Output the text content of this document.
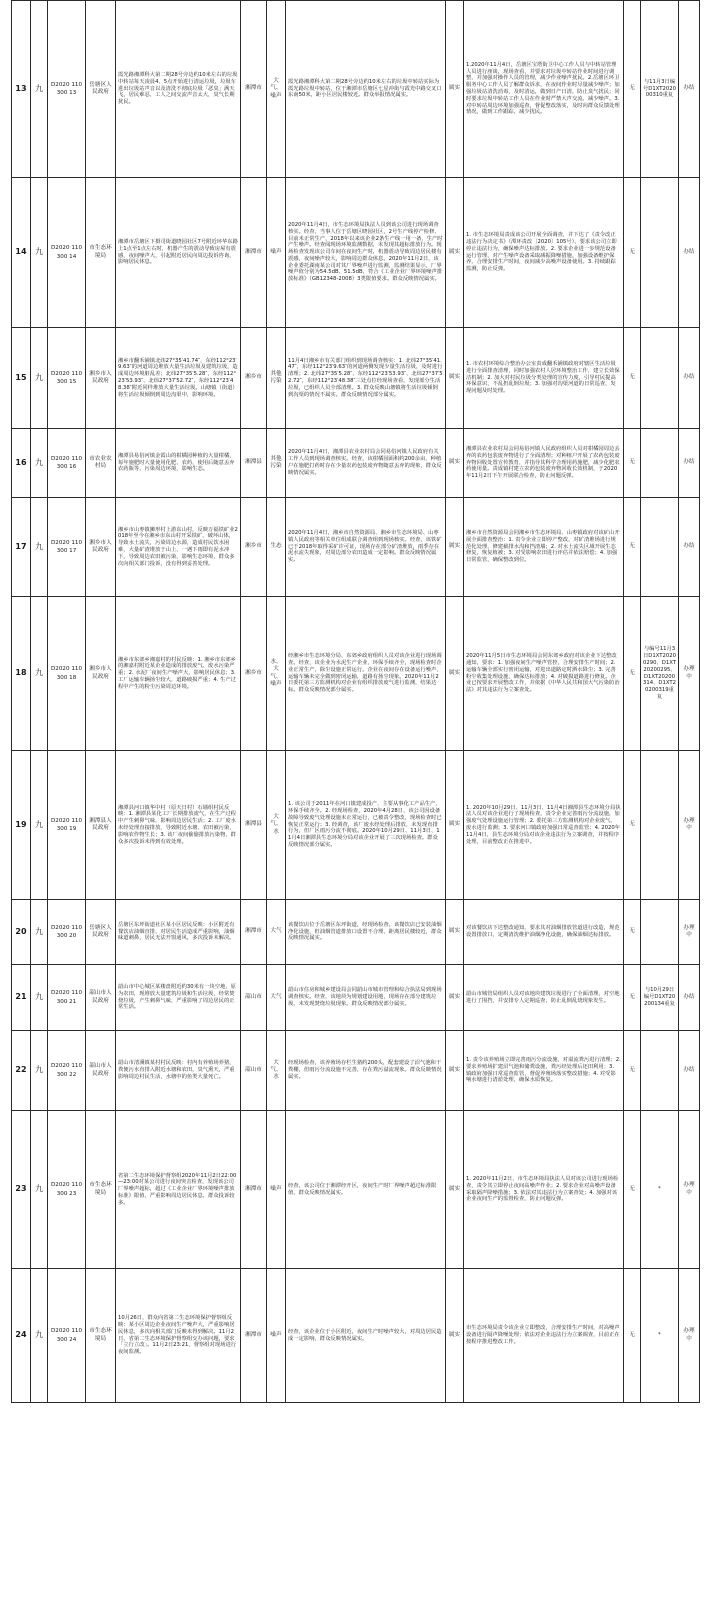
13	九	D2020 110300 13	岳塘区人民政府	霞光路湘潭科大第二期28号旁边约10米左右的垃圾中转站每天凌晨4、5点开始进行清运垃圾，垃圾车进出垃圾站声音以及清洗不彻底垃圾「恶臭」满天飞，居民难忍，工人之间交流声音太大，臭气长期扰民。	湘潭市	大气、噪声	霞光路湘潭科大第二期28号旁边约10米左右的垃圾中转站实际为霞光路垃圾中转站，位于湘潭市岳塘区七星冲街与霞光中路交叉口东南50米，距小区居民楼较近。群众举报情况属实。	属实	1.2020年11月4日，岳塘区宝塔街卫中心工作人员与中转站管理人员进行座谈，现场查看，并要求对垃圾中转站作业时间进行调整，并加强对操作人员的管理，减少作业噪声扰民。2.岳塘区环卫服务中心工作人员了解群众诉求，在夜间作业时尽量减少噪声；加强垃圾站清洗消毒，及时清运，做到日产日清，防止臭气扰民；同时要求垃圾中转站工作人员在作业时严禁大声交流，减少噪声。3.对中转站周边环境加强巡查，督促整改落实，及时向群众反馈处理情况，做到工作跟踪，减少扰民。	无	与11月3日编号D1XT202000310重复	办结
14	九	D2020 110300 14	市生态环境局	湘潭市岳塘区下摄司街道晓园社区7号附近环华东路上1点至1点左右时，机器产生的震动导致房屋有震感，夜间噪声大，引起附近居民向周边投诉咨询，影响居民休息。	湘潭市	噪声	2020年11月4日，市生态环境局执法人员到该公司进行现场调查核实。经查，当事人位于岳塘区晓园社区，2号生产线停产检修，目前未正常生产，2018年以来该企业2条生产线一用一备，生产时产生噪声。经查阅现场环境监测数据，未发现其超标排放行为。现场检查发现该公司车间在夜间生产时，机器震动导致周边居民楼有震感，夜间噪声较大，影响周边群众休息。2020年11月2日，该企业委托湖南某公司对其厂界噪声进行监测，监测结果显示，厂界噪声值分别为54.5dB、51.5dB，符合《工业企业厂界环境噪声排放标准》（GB12348-2008）3类限值要求。群众反映情况属实。	属实	1. 市生态环境局责成该公司开展全面调查，并下达了《责令改正违法行为决定书》（潭环责改〔2020〕105号），要求该公司立即停止违法行为，确保噪声达标排放。2. 要求企业进一步规范设备运行管理，对产生噪声设备采取减振降噪措施，加强设备维护保养，合理安排生产时间，夜间减少高噪声设备使用。3. 持续跟踪监测，防止反弹。	无		办结
15	九	D2020 110300 15	湘乡市人民政府	湘乡市翻禾铺镇北纬27°35′41.74″，东经112°23′9.63″的河道周边堆放大量生活垃圾及建筑垃圾，造成周边环境脏乱差；北纬27°35′5.28″，东经112°23′53.93″、北纬27°37′52.72″，东经112°23′48.38″附近同样堆放大量生活垃圾。山塘镇（街道）将生活垃圾倾倒到周边沟渠中，影响环境。	湘乡市	其他污染	11月4日湘乡市有关部门组织到现场调查核实：1. 北纬27°35′41.47″，东经112°23′9.63″的河道两侧发现少量生活垃圾，及时进行清理；2. 北纬27°35′5.28″、东经112°23′53.93″、北纬27°37′52.72″，东经112°23′48.38″三处点位经现场查看，发现部分生活垃圾，已组织人员全部清理。3. 群众反映山塘镇将生活垃圾倾倒到沟渠的情况不属实。群众反映情况部分属实。	属实	1. 市农村环境综合整治办公室责成翻禾铺镇政府对辖区生活垃圾进行全面排查清理，同时加强农村人居环境整治工作，建立长效保洁机制；2. 加大对村民垃圾分类处理的宣传力度，引导村民提高环保意识，不乱扔乱倒垃圾；3. 加强对沟渠河道的日常巡查，发现问题及时处理。	无		办结
16	九	D2020 110300 16	市农业农村局	湘潭县易俗河镇金霞山的柑橘园种植的大量柑橘，每年施肥时大量使用化肥、农药，使用后随意丢弃农药瓶等，污染周边环境，影响生态。	湘潭县	其他污染	2020年11月4日，湘潭县农业农村局会同易俗河镇人民政府有关工作人员到现场调查核实。经查，该柑橘园面积约200余亩，种植户在施肥打药时存在少量农药包装废弃物随意丢弃的现象，群众反映情况属实。	属实	湘潭县农业农村局会同易俗河镇人民政府组织人员对柑橘园周边丢弃的农药包装废弃物进行了全面清理；对种植户开展了农药包装废弃物回收处置宣传教育，并指导其科学合理用药施肥，减少化肥农药使用量。责成镇村建立农药包装废弃物回收长效机制，于2020年11月2日下午开展联合检查，防止问题反弹。	无		办结
17	九	D2020 110300 17	湘乡市人民政府	湘乡市山枣镇狮形村上游东山村，反映万福铁矿业2018年至今在湘乡市东山村开采铁矿，破坏山体，导致水土流失，污染周边水源，造成村民饮水困难，大量矿渣堆放于山上，一遇下雨即有泥水冲下，导致周边农田被污染，影响生态环境，群众多次向相关部门投诉，没有得到妥善处理。	湘乡市	生态	2020年11月4日，湘乡市自然资源局、湘乡市生态环境局、山枣镇人民政府等相关单位组成联合调查组到现场核实。经查，该铁矿已于2018年取得采矿许可证，现场存在部分矿渣堆放，雨季存在泥水流失现象，对周边部分农田造成一定影响。群众反映情况属实。	属实	湘乡市自然资源局会同湘乡市生态环境局、山枣镇政府对该矿山开展全面排查整治：1. 责令企业立即停产整改，对矿渣堆场进行规范化处理，修建截排水沟和挡渣墙；2. 对水土流失区域开展生态修复，恢复植被；3. 对受影响农田进行评估并依法赔偿；4. 加强日常监管，确保整改到位。	无		办结
18	九	D2020 110300 18	湘乡市人民政府	湘乡市东郊乡湘嘉村的村民反映：1. 湘乡市东郊乡的湘嘉村附近某企业造成的排放废气、废水污染严重；2. 水泥厂夜间生产噪声大，影响居民休息；3. 工厂运输车辆扬尘较大，道路破损严重；4. 生产过程中产生的粉尘污染周边环境。	湘乡市	水、大气、噪声	经湘乡市生态环境分局、东郊乡政府组织人员对该企业进行现场调查。经查，该企业为水泥生产企业，环保手续齐全，现场检查时企业正常生产，除尘设施正常运行。企业在夜间存在设备运行噪声，运输车辆未完全做到密闭运输，道路有扬尘现象。2020年11月2日委托第三方监测机构对企业有组织排放废气进行监测，结果达标。群众反映情况部分属实。	属实	2020年11月5日市生态环境局会同东郊乡政府对该企业下达整改通知，要求：1. 加强夜间生产噪声管控，合理安排生产时间；2. 运输车辆全部实行密闭运输，对进出道路定时洒水降尘；3. 完善粉尘收集处理设施，确保达标排放；4. 对破损道路进行修复。企业已按要求开展整改工作，并依据《中华人民共和国大气污染防治法》对其违法行为立案查处。	无	与编号11月3日D1XT20200290、D1XT20200295、D1XT20200314、D1XT20200319重复	办理中
19	九	D2020 110300 19	湘潭县人民政府	湘潭县河口镇华中村（原天日村）石墙组村民反映：1. 湘潭县某化工厂长期排放废气，在生产过程中产生刺鼻气味，影响周边居民生活；2. 工厂废水未经处理直接排放，导致附近水塘、农田被污染，影响农作物生长；3. 该厂夜间偷偷排放污染物，群众多次投诉未得到有效处理。	湘潭县	大气、水	1. 该公司于2011年在河口镇建成投产，主要从事化工产品生产，环保手续齐全。2. 经现场检查，2020年4月28日，该公司因设备故障导致废气处理设施未正常运行，已被责令整改，现场检查时已恢复正常运行；3. 经调查，该厂废水经处理后排放，未发现直排行为，但厂区雨污分流不彻底。2020年10月29日、11月3日、11月4日湘潭县生态环境分局对该企业开展了三次现场检查。群众反映情况部分属实。	属实	1. 2020年10月29日、11月3日、11月4日湘潭县生态环境分局执法人员对该企业进行了现场检查，责令企业完善雨污分流设施，加强废气处理设施运行管理；2. 委托第三方监测机构对企业废气、废水进行监测；3. 要求河口镇政府加强日常巡查监管；4. 2020年11月4日，县生态环境分局对该企业违法行为立案调查，并按程序处理，目前整改正在推进中。	无		办理中
20	九	D2020 110300 20	岳塘区人民政府	岳塘区东坪街道社区某小区居民反映：小区附近有餐饮店油烟直排，对居民生活造成严重影响，油烟味道刺鼻，居民无法开窗通风，多次投诉未解决。	湘潭市	大气	该餐饮店位于岳塘区东坪街道，经现场检查，该餐饮店已安装油烟净化设施，但油烟管道排放口设置不合理，距离居民楼较近，群众反映情况属实。	属实	对该餐饮店下达整改通知，要求其对油烟排放管道进行改造，规范设置排放口，定期清洗维护油烟净化设施，确保油烟达标排放。	无		办理中
21	九	D2020 110300 21	韶山市人民政府	韶山市中心城区某楼盘附近约30米有一块空地，原为农田，现堆放大量建筑垃圾和生活垃圾，经常焚烧垃圾，产生刺鼻气味，严重影响了周边居民的正常生活。	韶山市	大气	韶山市住房和城乡建设局会同韶山市城市管理和综合执法局到现场调查核实。经查，该地块为规划建设用地，现场存在部分建筑垃圾，未发现焚烧垃圾现象。群众反映情况部分属实。	属实	韶山市城管局组织人员对该地块建筑垃圾进行了全面清理，对空地进行了围挡，并安排专人定期巡查，防止乱倒乱烧现象发生。	无	与10月29日编号D1XT20200134重复	办结
22	九	D2020 110300 22	韶山市人民政府	韶山市清溪镇某村村民反映：村内有养殖场养猪，粪便污水直排入附近水塘和农田，臭气熏天，严重影响周边村民生活，水塘中的鱼类大量死亡。	韶山市	大气、水	经现场检查，该养殖场存栏生猪约200头，配套建设了沼气池和干粪棚，但雨污分流设施不完善，存在粪污溢流现象。群众反映情况属实。	属实	1. 责令该养殖场立即完善雨污分流设施，对溢流粪污进行清理；2. 要求养殖场扩建沼气池和储粪设施，粪污经处理后还田利用；3. 镇政府加强日常巡查监管，督促养殖场落实整改措施；4. 对受影响水塘进行清淤处理，确保水质恢复。	无		办结
23	九	D2020 110300 23	市生态环境局	省第二生态环境保护督察组2020年11月2日22:00—23:00对某公司进行夜间突击检查，发现该公司厂界噪声超标，超过《工业企业厂界环境噪声排放标准》限值，严重影响周边居民休息，群众投诉较多。	湘潭市	噪声	经查，该公司位于湘潭经开区，夜间生产时厂界噪声超过标准限值，群众反映情况属实。	属实	1. 2020年11月2日，市生态环境局执法人员对该公司进行现场检查，责令其立即停止夜间高噪声作业；2. 要求企业对高噪声设备采取隔声降噪措施；3. 依法对其违法行为立案查处；4. 加强对该企业夜间生产的监督检查，防止问题反弹。	无	*	办理中
24	九	D2020 110300 24	市生态环境局	10月26日，群众向省第二生态环境保护督察组反映：某小区周边企业夜间生产噪声大，严重影响居民休息，多次向相关部门反映未得到解决。11月2日，省第二生态环境保护督察组交办该问题，要求「立行立改」。11月2日23:21，督察组对现场进行夜间监测。	湘潭市	噪声	经查，该企业位于小区附近，夜间生产时噪声较大，对周边居民造成一定影响，群众反映情况属实。	属实	市生态环境局责令该企业立即整改，合理安排生产时间，对高噪声设备进行隔声降噪处理；依法对企业违法行为立案调查，目前正在按程序推进整改工作。	无	*	办理中
